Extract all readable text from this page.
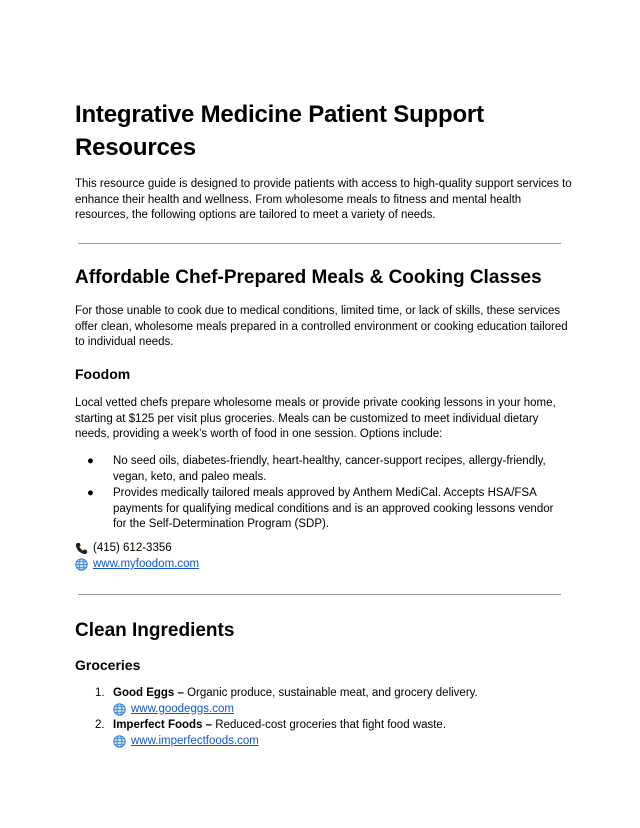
Integrative Medicine Patient Support Resources
This resource guide is designed to provide patients with access to high-quality support services to enhance their health and wellness. From wholesome meals to fitness and mental health resources, the following options are tailored to meet a variety of needs.
Affordable Chef-Prepared Meals & Cooking Classes
For those unable to cook due to medical conditions, limited time, or lack of skills, these services offer clean, wholesome meals prepared in a controlled environment or cooking education tailored to individual needs.
Foodom
Local vetted chefs prepare wholesome meals or provide private cooking lessons in your home, starting at $125 per visit plus groceries. Meals can be customized to meet individual dietary needs, providing a week’s worth of food in one session. Options include:
● No seed oils, diabetes-friendly, heart-healthy, cancer-support recipes, allergy-friendly, vegan, keto, and paleo meals.
● Provides medically tailored meals approved by Anthem MediCal. Accepts HSA/FSA payments for qualifying medical conditions and is an approved cooking lessons vendor for the Self-Determination Program (SDP).
(415) 612-3356
www.myfoodom.com
Clean Ingredients
Groceries
1. Good Eggs – Organic produce, sustainable meat, and grocery delivery.
www.goodeggs.com
2. Imperfect Foods – Reduced-cost groceries that fight food waste.
www.imperfectfoods.com
